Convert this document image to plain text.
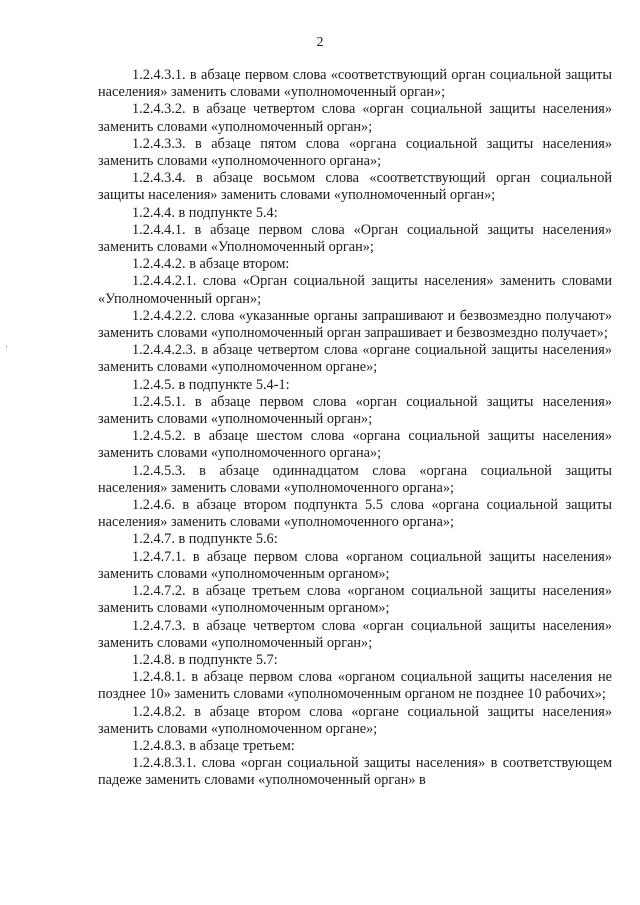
2

1.2.4.3.1. в абзаце первом слова «соответствующий орган социальной защиты населения» заменить словами «уполномоченный орган»;

1.2.4.3.2. в абзаце четвертом слова «орган социальной защиты населения» заменить словами «уполномоченный орган»;

1.2.4.3.3. в абзаце пятом слова «органа социальной защиты населения» заменить словами «уполномоченного органа»;

1.2.4.3.4. в абзаце восьмом слова «соответствующий орган социальной защиты населения» заменить словами «уполномоченный орган»;

1.2.4.4. в подпункте 5.4:

1.2.4.4.1. в абзаце первом слова «Орган социальной защиты населения» заменить словами «Уполномоченный орган»;

1.2.4.4.2. в абзаце втором:

1.2.4.4.2.1. слова «Орган социальной защиты населения» заменить словами «Уполномоченный орган»;

1.2.4.4.2.2. слова «указанные органы запрашивают и безвозмездно получают» заменить словами «уполномоченный орган запрашивает и безвозмездно получает»;

1.2.4.4.2.3. в абзаце четвертом слова «органе социальной защиты населения» заменить словами «уполномоченном органе»;

1.2.4.5. в подпункте 5.4-1:

1.2.4.5.1. в абзаце первом слова «орган социальной защиты населения» заменить словами «уполномоченный орган»;

1.2.4.5.2. в абзаце шестом слова «органа социальной защиты населения» заменить словами «уполномоченного органа»;

1.2.4.5.3. в абзаце одиннадцатом слова «органа социальной защиты населения» заменить словами «уполномоченного органа»;

1.2.4.6. в абзаце втором подпункта 5.5 слова «органа социальной защиты населения» заменить словами «уполномоченного органа»;

1.2.4.7. в подпункте 5.6:

1.2.4.7.1. в абзаце первом слова «органом социальной защиты населения» заменить словами «уполномоченным органом»;

1.2.4.7.2. в абзаце третьем слова «органом социальной защиты населения» заменить словами «уполномоченным органом»;

1.2.4.7.3. в абзаце четвертом слова «орган социальной защиты населения» заменить словами «уполномоченный орган»;

1.2.4.8. в подпункте 5.7:

1.2.4.8.1. в абзаце первом слова «органом социальной защиты населения не позднее 10» заменить словами «уполномоченным органом не позднее 10 рабочих»;

1.2.4.8.2. в абзаце втором слова «органе социальной защиты населения» заменить словами «уполномоченном органе»;

1.2.4.8.3. в абзаце третьем:

1.2.4.8.3.1. слова «орган социальной защиты населения» в соответствующем падеже заменить словами «уполномоченный орган» в
